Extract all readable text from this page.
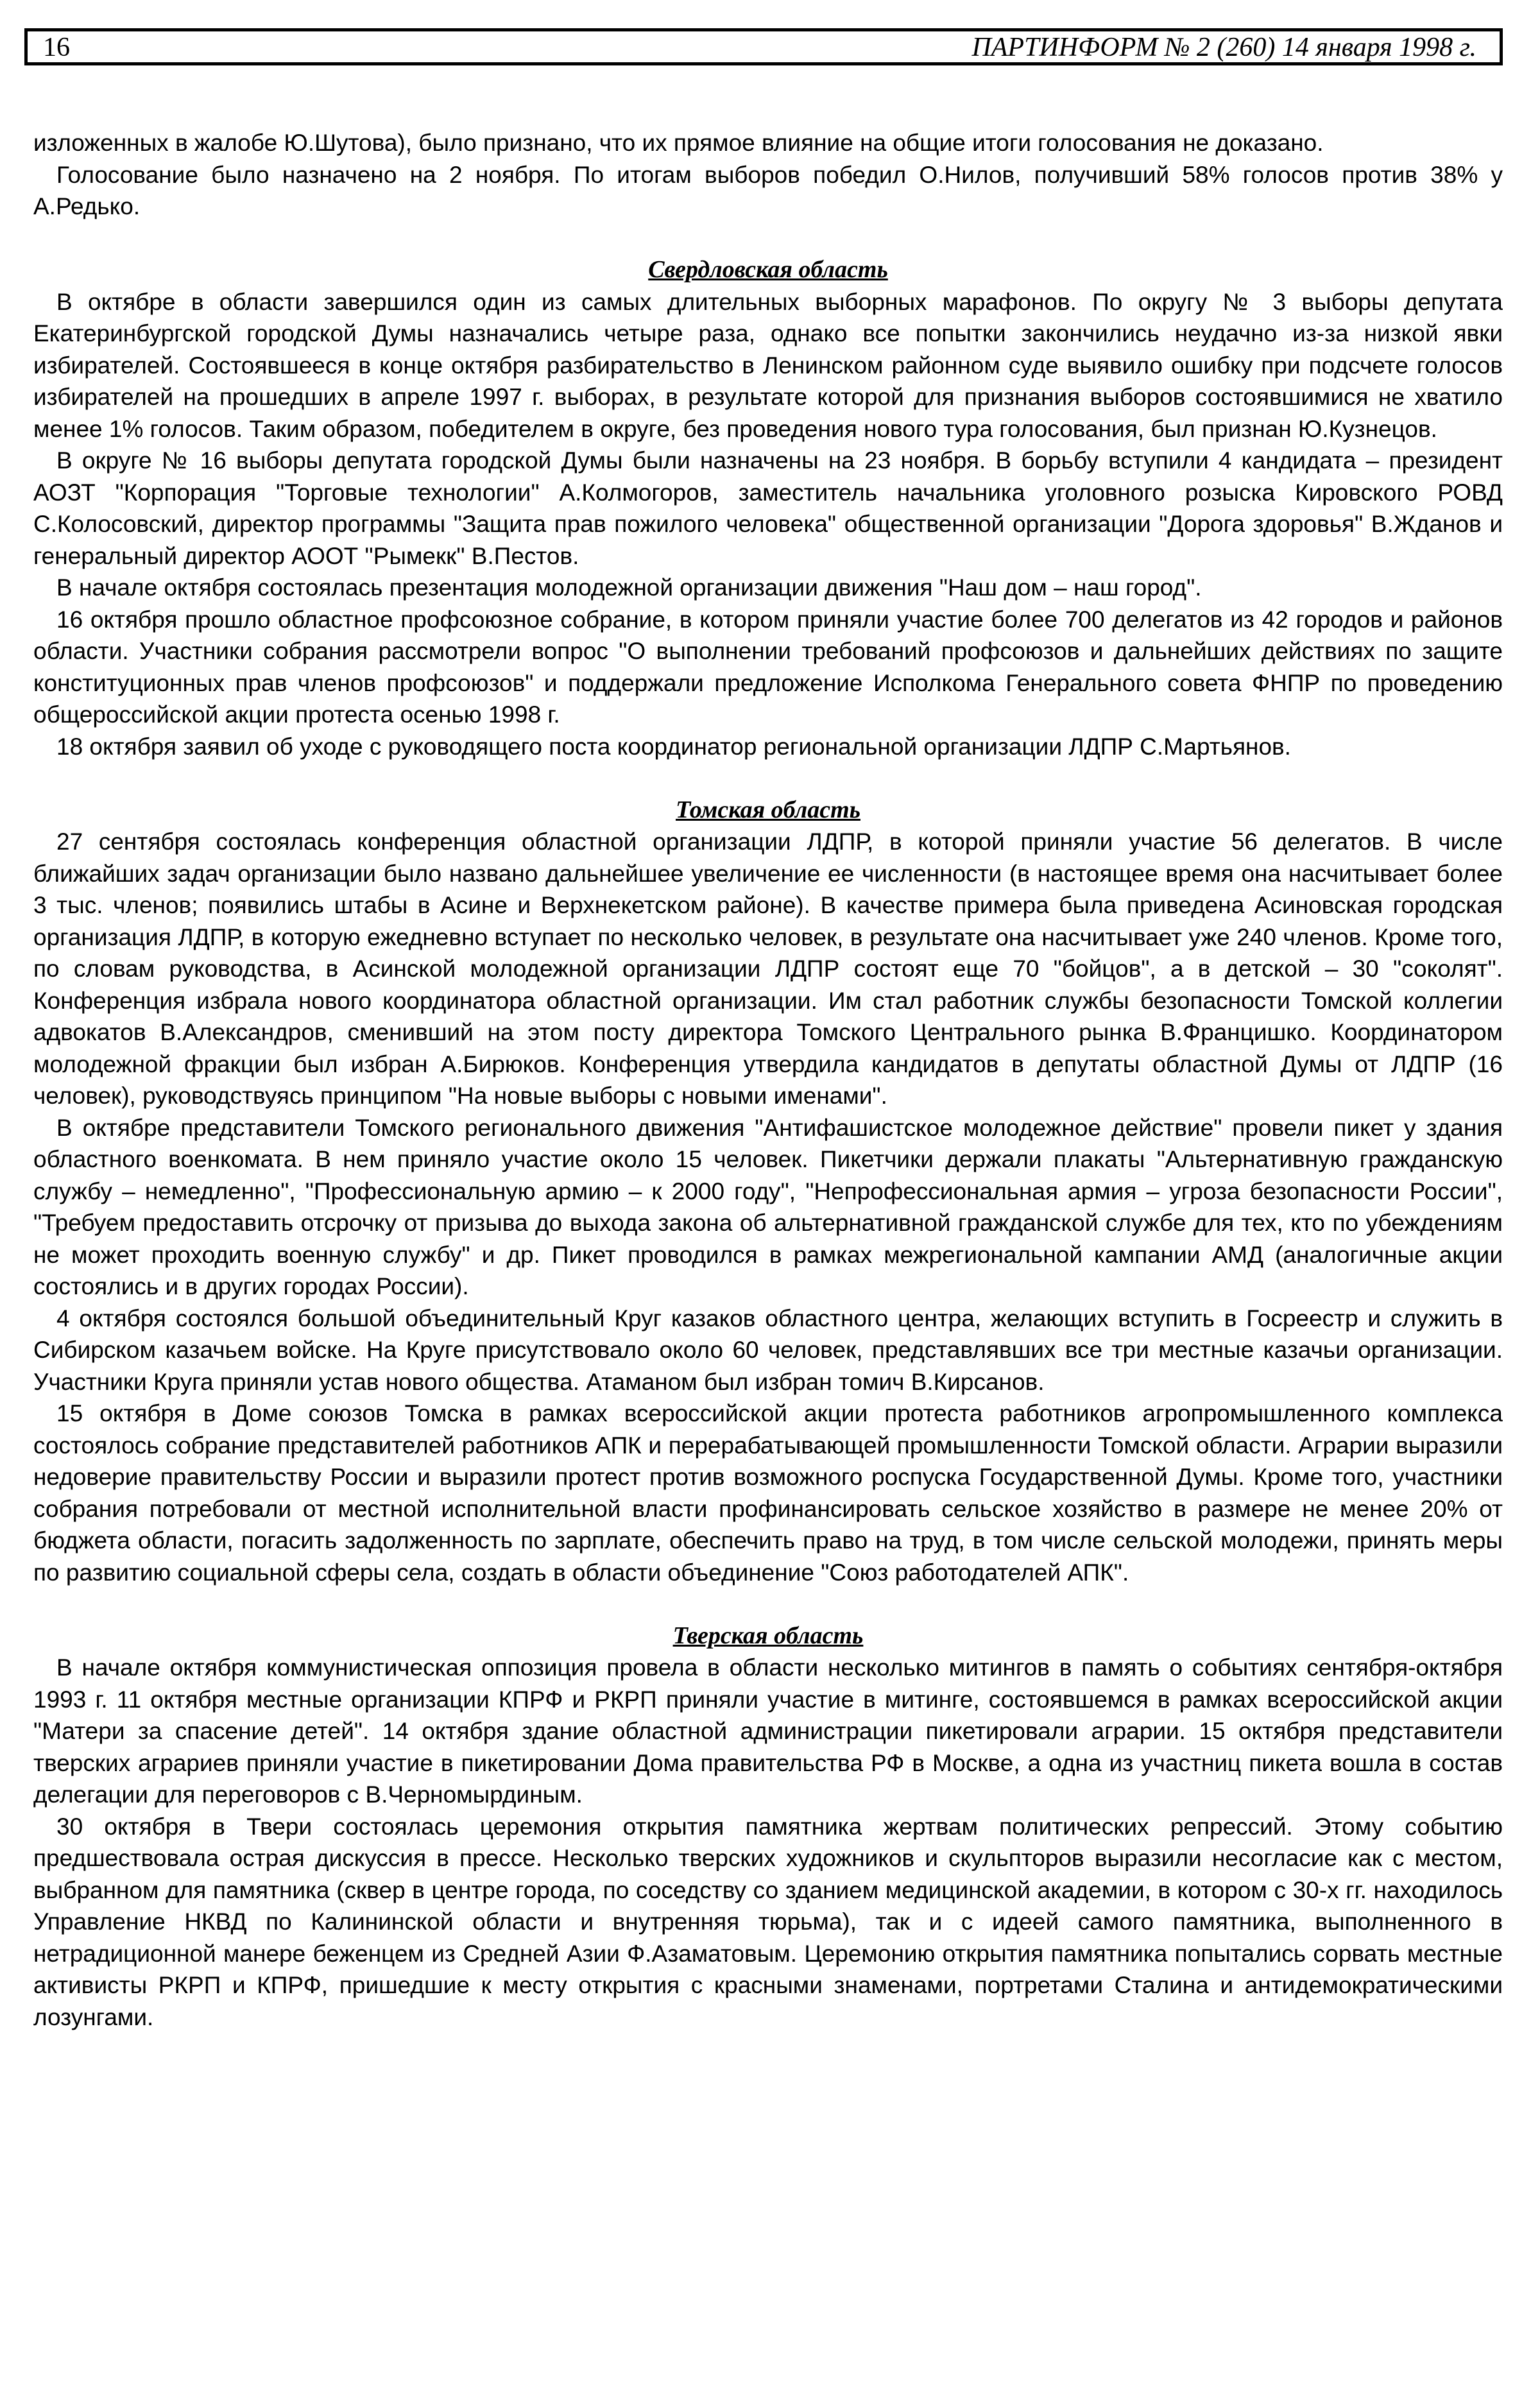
16	ПАРТИНФОРМ № 2 (260) 14 января 1998 г.

изложенных в жалобе Ю.Шутова), было признано, что их прямое влияние на общие итоги голосования не доказано.

Голосование было назначено на 2 ноября. По итогам выборов победил О.Нилов, получивший 58% голосов против 38% у А.Редько.

Свердловская область

В октябре в области завершился один из самых длительных выборных марафонов. По округу № 3 выборы депутата Екатеринбургской городской Думы назначались четыре раза, однако все попытки закончились неудачно из-за низкой явки избирателей. Состоявшееся в конце октября разбирательство в Ленинском районном суде выявило ошибку при подсчете голосов избирателей на прошедших в апреле 1997 г. выборах, в результате которой для признания выборов состоявшимися не хватило менее 1% голосов. Таким образом, победителем в округе, без проведения нового тура голосования, был признан Ю.Кузнецов.

В округе № 16 выборы депутата городской Думы были назначены на 23 ноября. В борьбу вступили 4 кандидата – президент АОЗТ "Корпорация "Торговые технологии" А.Колмогоров, заместитель начальника уголовного розыска Кировского РОВД С.Колосовский, директор программы "Защита прав пожилого человека" общественной организации "Дорога здоровья" В.Жданов и генеральный директор АООТ "Рымекк" В.Пестов.

В начале октября состоялась презентация молодежной организации движения "Наш дом – наш город".

16 октября прошло областное профсоюзное собрание, в котором приняли участие более 700 делегатов из 42 городов и районов области. Участники собрания рассмотрели вопрос "О выполнении требований профсоюзов и дальнейших действиях по защите конституционных прав членов профсоюзов" и поддержали предложение Исполкома Генерального совета ФНПР по проведению общероссийской акции протеста осенью 1998 г.

18 октября заявил об уходе с руководящего поста координатор региональной организации ЛДПР С.Мартьянов.

Томская область

27 сентября состоялась конференция областной организации ЛДПР, в которой приняли участие 56 делегатов. В числе ближайших задач организации было названо дальнейшее увеличение ее численности (в настоящее время она насчитывает более 3 тыс. членов; появились штабы в Асине и Верхнекетском районе). В качестве примера была приведена Асиновская городская организация ЛДПР, в которую ежедневно вступает по несколько человек, в результате она насчитывает уже 240 членов. Кроме того, по словам руководства, в Асинской молодежной организации ЛДПР состоят еще 70 "бойцов", а в детской – 30 "соколят". Конференция избрала нового координатора областной организации. Им стал работник службы безопасности Томской коллегии адвокатов В.Александров, сменивший на этом посту директора Томского Центрального рынка В.Францишко. Координатором молодежной фракции был избран А.Бирюков. Конференция утвердила кандидатов в депутаты областной Думы от ЛДПР (16 человек), руководствуясь принципом "На новые выборы с новыми именами".

В октябре представители Томского регионального движения "Антифашистское молодежное действие" провели пикет у здания областного военкомата. В нем приняло участие около 15 человек. Пикетчики держали плакаты "Альтернативную гражданскую службу – немедленно", "Профессиональную армию – к 2000 году", "Непрофессиональная армия – угроза безопасности России", "Требуем предоставить отсрочку от призыва до выхода закона об альтернативной гражданской службе для тех, кто по убеждениям не может проходить военную службу" и др. Пикет проводился в рамках межрегиональной кампании АМД (аналогичные акции состоялись и в других городах России).

4 октября состоялся большой объединительный Круг казаков областного центра, желающих вступить в Госреестр и служить в Сибирском казачьем войске. На Круге присутствовало около 60 человек, представлявших все три местные казачьи организации. Участники Круга приняли устав нового общества. Атаманом был избран томич В.Кирсанов.

15 октября в Доме союзов Томска в рамках всероссийской акции протеста работников агропромышленного комплекса состоялось собрание представителей работников АПК и перерабатывающей промышленности Томской области. Аграрии выразили недоверие правительству России и выразили протест против возможного роспуска Государственной Думы. Кроме того, участники собрания потребовали от местной исполнительной власти профинансировать сельское хозяйство в размере не менее 20% от бюджета области, погасить задолженность по зарплате, обеспечить право на труд, в том числе сельской молодежи, принять меры по развитию социальной сферы села, создать в области объединение "Союз работодателей АПК".

Тверская область

В начале октября коммунистическая оппозиция провела в области несколько митингов в память о событиях сентября-октября 1993 г. 11 октября местные организации КПРФ и РКРП приняли участие в митинге, состоявшемся в рамках всероссийской акции "Матери за спасение детей". 14 октября здание областной администрации пикетировали аграрии. 15 октября представители тверских аграриев приняли участие в пикетировании Дома правительства РФ в Москве, а одна из участниц пикета вошла в состав делегации для переговоров с В.Черномырдиным.

30 октября в Твери состоялась церемония открытия памятника жертвам политических репрессий. Этому событию предшествовала острая дискуссия в прессе. Несколько тверских художников и скульпторов выразили несогласие как с местом, выбранном для памятника (сквер в центре города, по соседству со зданием медицинской академии, в котором с 30-х гг. находилось Управление НКВД по Калининской области и внутренняя тюрьма), так и с идеей самого памятника, выполненного в нетрадиционной манере беженцем из Средней Азии Ф.Азаматовым. Церемонию открытия памятника попытались сорвать местные активисты РКРП и КПРФ, пришедшие к месту открытия с красными знаменами, портретами Сталина и антидемократическими лозунгами.
